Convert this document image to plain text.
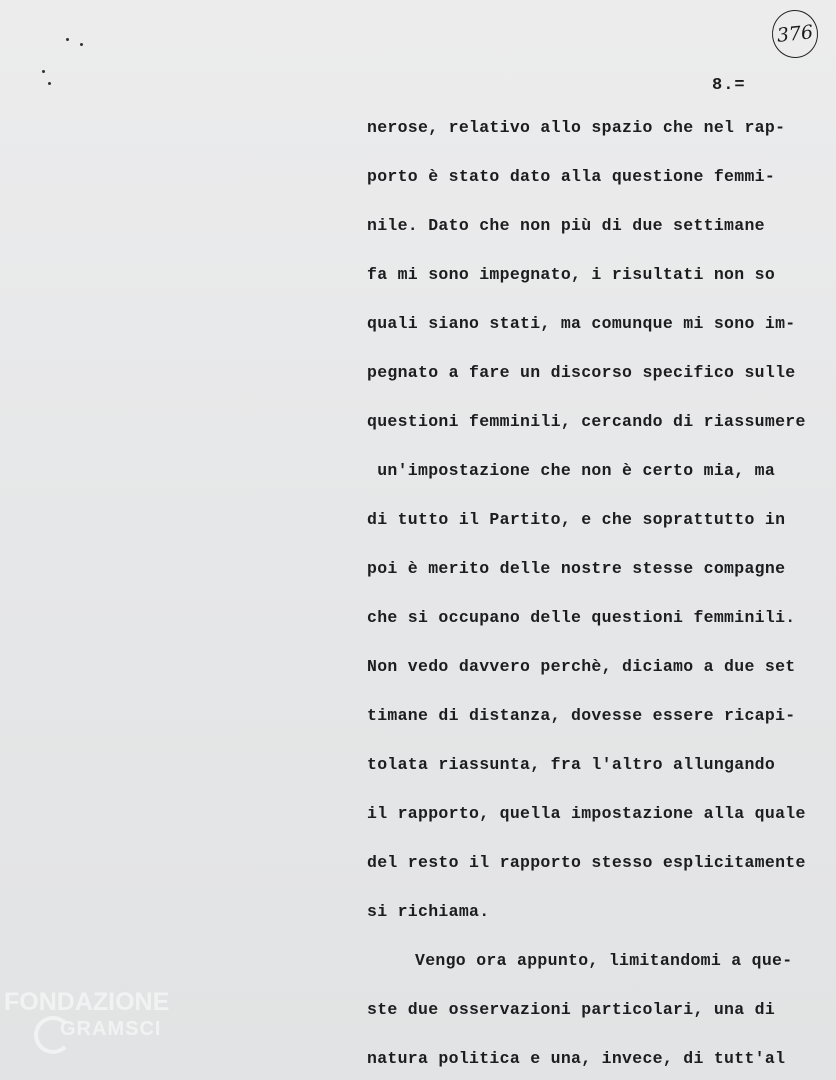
376
8.=
nerose, relativo allo spazio che nel rap-
porto è stato dato alla questione femmi-
nile. Dato che non più di due settimane
fa mi sono impegnato, i risultati non so
quali siano stati, ma comunque mi sono im-
pegnato a fare un discorso specifico sulle
questioni femminili, cercando di riassumere
un'impostazione che non è certo mia, ma
di tutto il Partito, e che soprattutto in
poi è merito delle nostre stesse compagne
che si occupano delle questioni femminili.
Non vedo davvero perchè, diciamo a due set
timane di distanza, dovesse essere ricapi-
tolata riassunta, fra l'altro allungando
il rapporto, quella impostazione alla quale
del resto il rapporto stesso esplicitamente
si richiama.
Vengo ora appunto, limitandomi a que-
ste due osservazioni particolari, una di
natura politica e una, invece, di tutt'al
FONDAZIONE
GRAMSCI
